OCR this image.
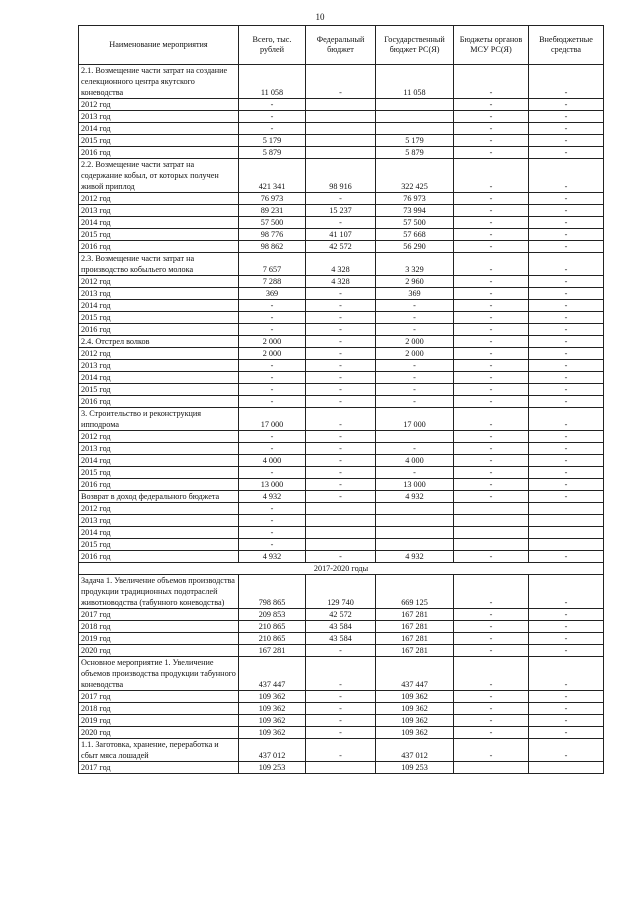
10
Наименование мероприятия	Всего, тыс. рублей	Федеральный бюджет	Государственный бюджет РС(Я)	Бюджеты органов МСУ РС(Я)	Внебюджетные средства
2.1. Возмещение части затрат на создание селекционного центра якутского коневодства	11 058	-	11 058	-	-
2012 год	-			-	-
2013 год	-			-	-
2014 год	-			-	-
2015 год	5 179		5 179	-	-
2016 год	5 879		5 879	-	-
2.2. Возмещение части затрат на содержание кобыл, от которых получен живой приплод	421 341	98 916	322 425	-	-
2012 год	76 973	-	76 973	-	-
2013 год	89 231	15 237	73 994	-	-
2014 год	57 500	-	57 500	-	-
2015 год	98 776	41 107	57 668	-	-
2016 год	98 862	42 572	56 290	-	-
2.3. Возмещение части затрат на производство кобыльего молока	7 657	4 328	3 329	-	-
2012 год	7 288	4 328	2 960	-	-
2013 год	369	-	369	-	-
2014 год	-	-	-	-	-
2015 год	-	-	-	-	-
2016 год	-	-	-	-	-
2.4. Отстрел волков	2 000	-	2 000	-	-
2012 год	2 000	-	2 000	-	-
2013 год	-	-	-	-	-
2014 год	-	-	-	-	-
2015 год	-	-	-	-	-
2016 год	-	-	-	-	-
3. Строительство и реконструкция ипподрома	17 000	-	17 000	-	-
2012 год	-	-		-	-
2013 год	-	-	-	-	-
2014 год	4 000	-	4 000	-	-
2015 год	-	-	-	-	-
2016 год	13 000	-	13 000	-	-
Возврат в доход федерального бюджета	4 932	-	4 932	-	-
2012 год	-				
2013 год	-				
2014 год	-				
2015 год	-				
2016 год	4 932	-	4 932	-	-
2017-2020 годы					
Задача 1. Увеличение объемов производства продукции традиционных подотраслей животноводства (табунного коневодства)	798 865	129 740	669 125	-	-
2017 год	209 853	42 572	167 281	-	-
2018 год	210 865	43 584	167 281	-	-
2019 год	210 865	43 584	167 281	-	-
2020 год	167 281	-	167 281	-	-
Основное мероприятие 1. Увеличение объемов производства продукции табунного коневодства	437 447	-	437 447	-	-
2017 год	109 362	-	109 362	-	-
2018 год	109 362	-	109 362	-	-
2019 год	109 362	-	109 362	-	-
2020 год	109 362	-	109 362	-	-
1.1. Заготовка, хранение, переработка и сбыт мяса лошадей	437 012	-	437 012	-	-
2017 год	109 253		109 253		
